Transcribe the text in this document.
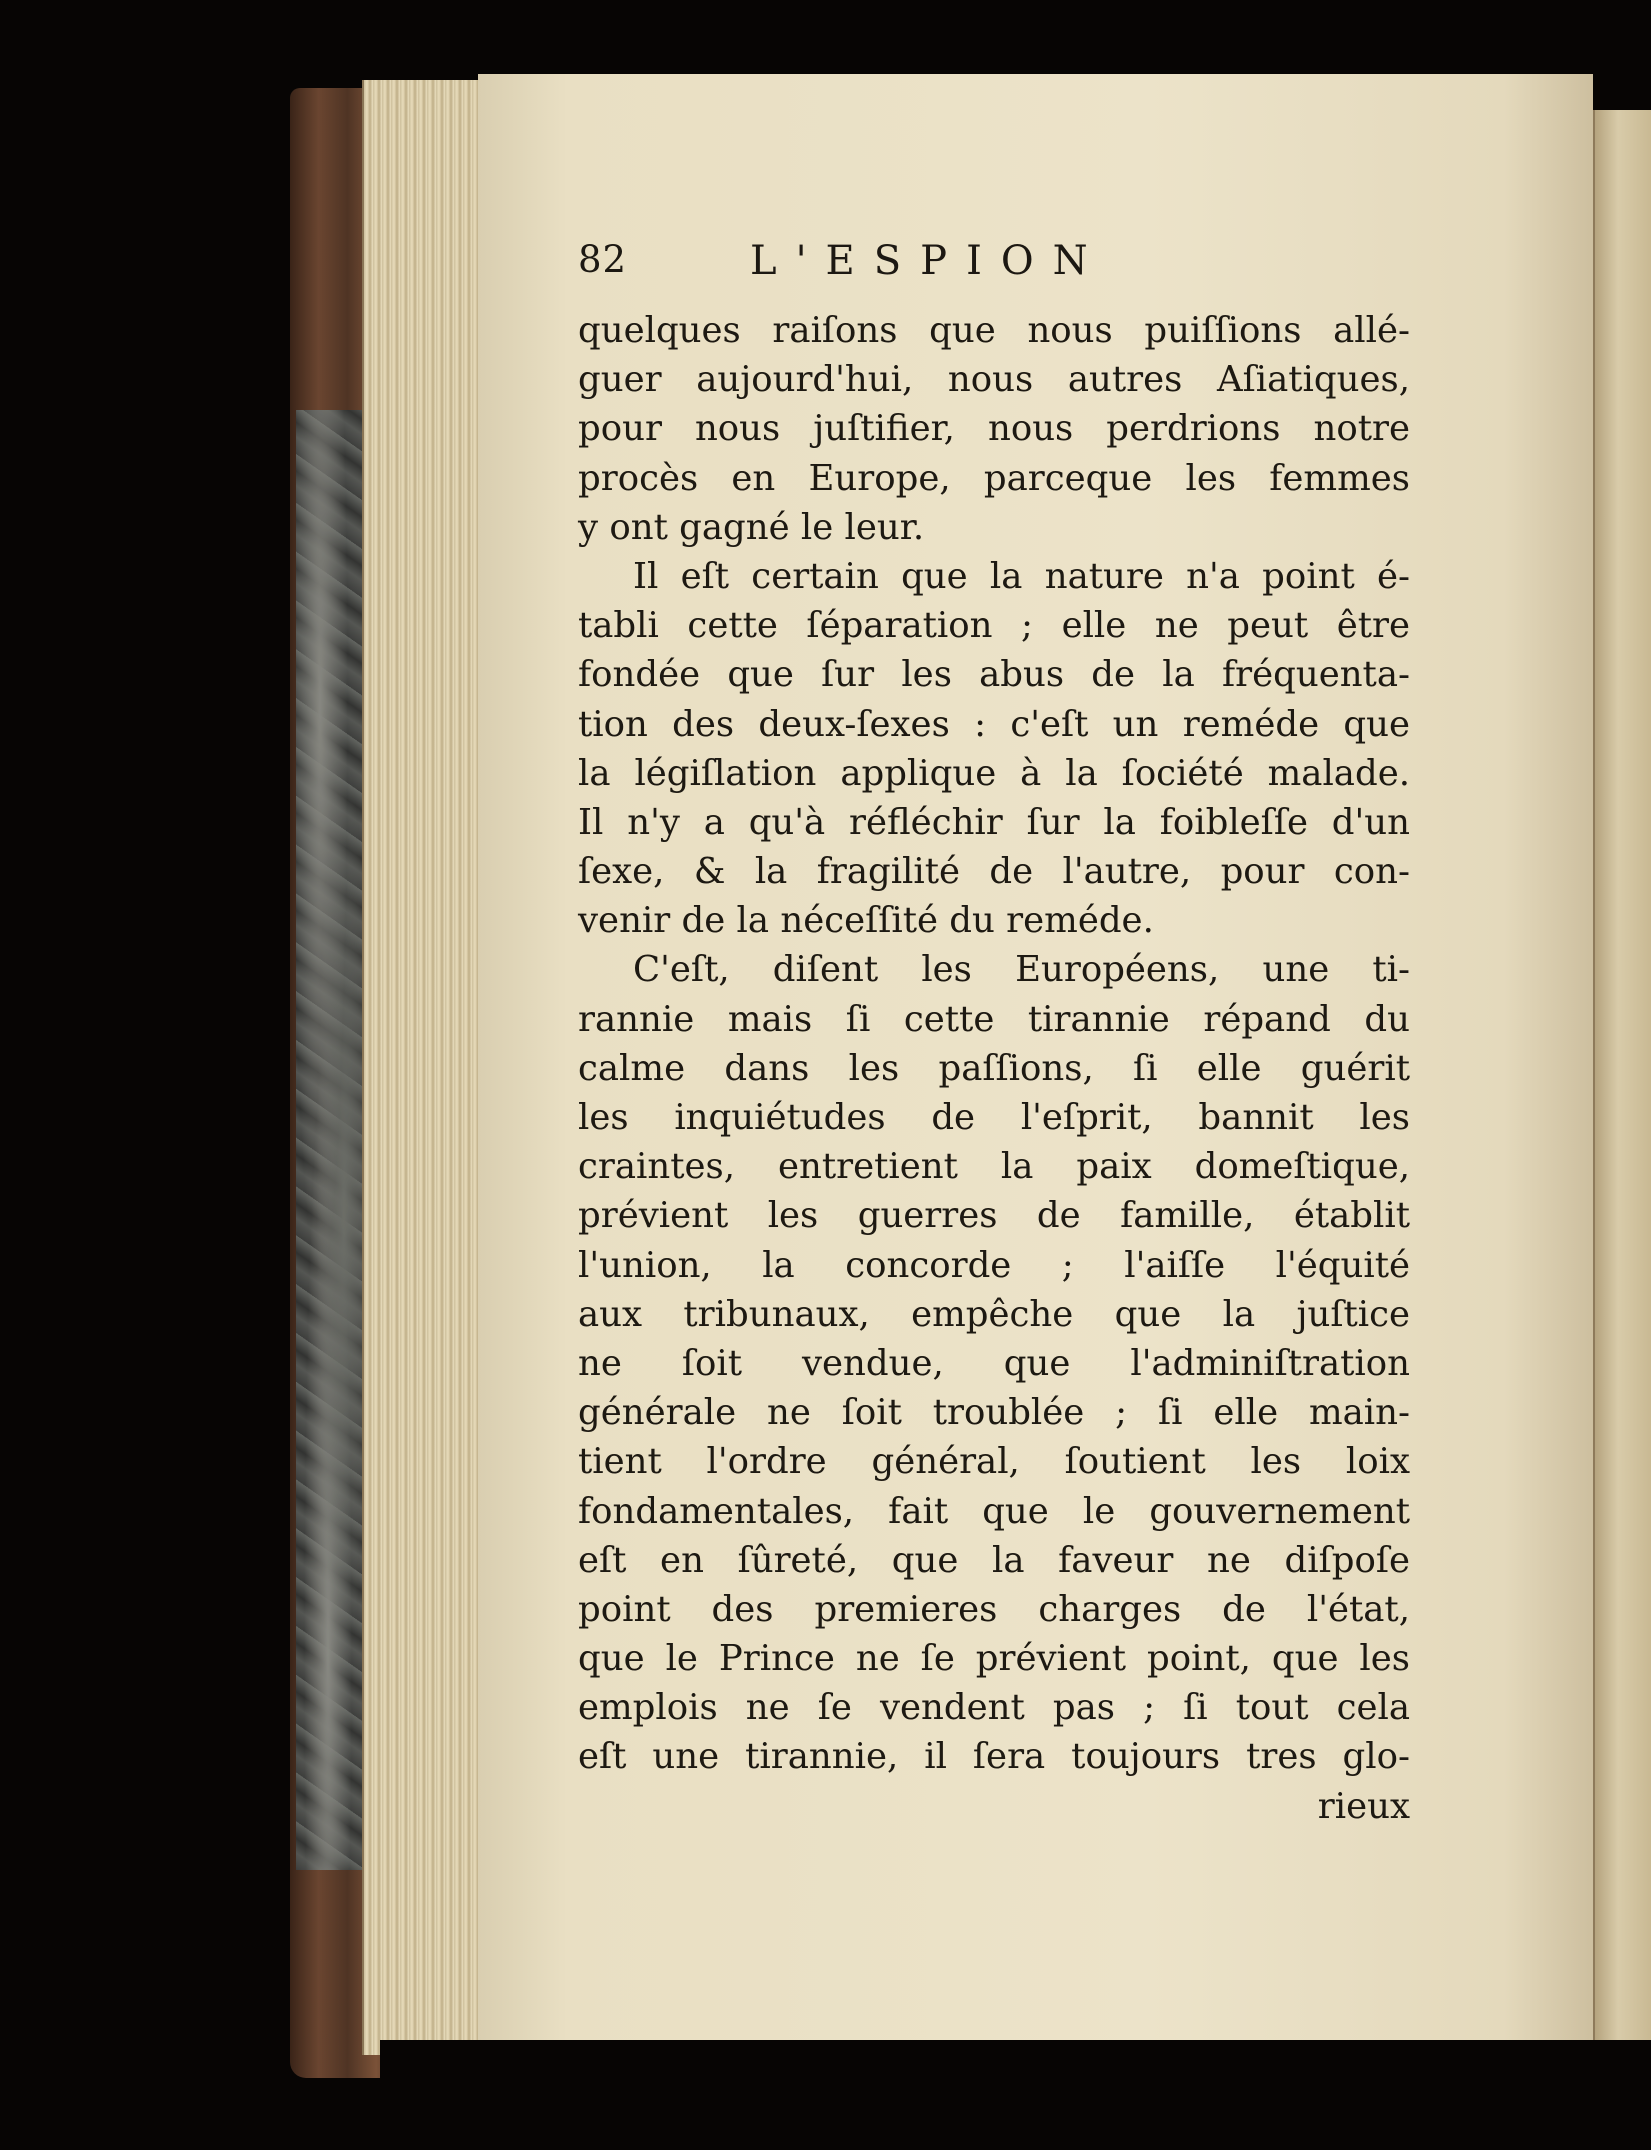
82	L'ESPION
quelques raiſons que nous puiſſions allé-
guer aujourd'hui, nous autres Aſiatiques,
pour nous juſtifier, nous perdrions notre
procès en Europe, parceque les femmes
y ont gagné le leur.
Il eſt certain que la nature n'a point é-
tabli cette ſéparation ; elle ne peut être
fondée que ſur les abus de la fréquenta-
tion des deux-ſexes : c'eſt un reméde que
la légiſlation applique à la ſociété malade.
Il n'y a qu'à réfléchir ſur la foibleſſe d'un
ſexe, & la fragilité de l'autre, pour con-
venir de la néceſſité du reméde.
C'eſt, diſent les Européens, une ti-
rannie mais ſi cette tirannie répand du
calme dans les paſſions, ſi elle guérit
les inquiétudes de l'eſprit, bannit les
craintes, entretient la paix domeſtique,
prévient les guerres de famille, établit
l'union, la concorde ; l'aiſſe l'équité
aux tribunaux, empêche que la juſtice
ne ſoit vendue, que l'adminiſtration
générale ne ſoit troublée ; ſi elle main-
tient l'ordre général, ſoutient les loix
fondamentales, fait que le gouvernement
eſt en ſûreté, que la faveur ne diſpoſe
point des premieres charges de l'état,
que le Prince ne ſe prévient point, que les
emplois ne ſe vendent pas ; ſi tout cela
eſt une tirannie, il ſera toujours tres glo-
rieux
